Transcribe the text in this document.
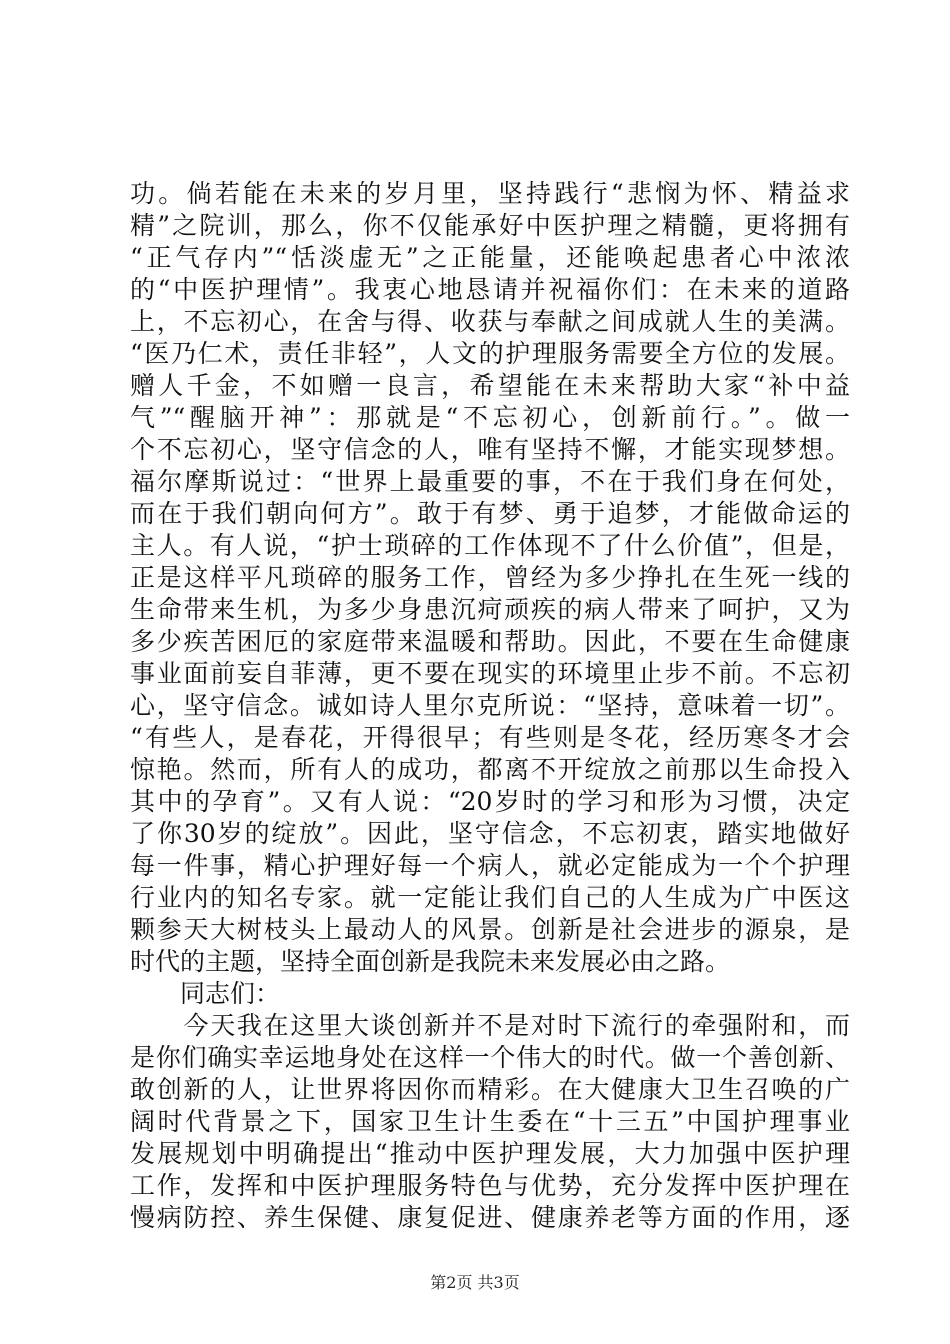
功。倘若能在未来的岁月里，坚持践行“悲悯为怀、精益求
精”之院训，那么，你不仅能承好中医护理之精髓，更将拥有
“正气存内”“恬淡虚无”之正能量，还能唤起患者心中浓浓
的“中医护理情”。我衷心地恳请并祝福你们：在未来的道路
上，不忘初心，在舍与得、收获与奉献之间成就人生的美满。
“医乃仁术，责任非轻”，人文的护理服务需要全方位的发展。
赠人千金，不如赠一良言，希望能在未来帮助大家“补中益
气”“醒脑开神”：那就是“不忘初心，创新前行。”。做一
个不忘初心，坚守信念的人，唯有坚持不懈，才能实现梦想。
福尔摩斯说过：“世界上最重要的事，不在于我们身在何处，
而在于我们朝向何方”。敢于有梦、勇于追梦，才能做命运的
主人。有人说，“护士琐碎的工作体现不了什么价值”，但是，
正是这样平凡琐碎的服务工作，曾经为多少挣扎在生死一线的
生命带来生机，为多少身患沉疴顽疾的病人带来了呵护，又为
多少疾苦困厄的家庭带来温暖和帮助。因此，不要在生命健康
事业面前妄自菲薄，更不要在现实的环境里止步不前。不忘初
心，坚守信念。诚如诗人里尔克所说：“坚持，意味着一切”。
“有些人，是春花，开得很早；有些则是冬花，经历寒冬才会
惊艳。然而，所有人的成功，都离不开绽放之前那以生命投入
其中的孕育”。又有人说：“20岁时的学习和形为习惯，决定
了你30岁的绽放”。因此，坚守信念，不忘初衷，踏实地做好
每一件事，精心护理好每一个病人，就必定能成为一个个护理
行业内的知名专家。就一定能让我们自己的人生成为广中医这
颗参天大树枝头上最动人的风景。创新是社会进步的源泉，是
时代的主题，坚持全面创新是我院未来发展必由之路。
　　同志们：
　　今天我在这里大谈创新并不是对时下流行的牵强附和，而
是你们确实幸运地身处在这样一个伟大的时代。做一个善创新、
敢创新的人，让世界将因你而精彩。在大健康大卫生召唤的广
阔时代背景之下，国家卫生计生委在“十三五”中国护理事业
发展规划中明确提出“推动中医护理发展，大力加强中医护理
工作，发挥和中医护理服务特色与优势，充分发挥中医护理在
慢病防控、养生保健、康复促进、健康养老等方面的作用，逐
第2页 共3页
